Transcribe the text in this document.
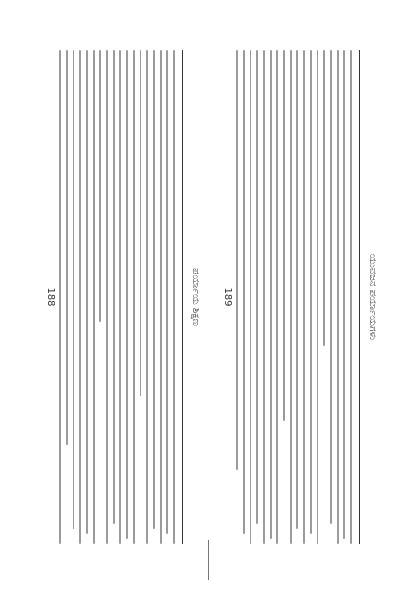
ಪರ್ಯಾಯ ಶಿಕ್ಷಣ
188	ಯುವಜನ ಪರ್ಯಾಯಗಳು
189
